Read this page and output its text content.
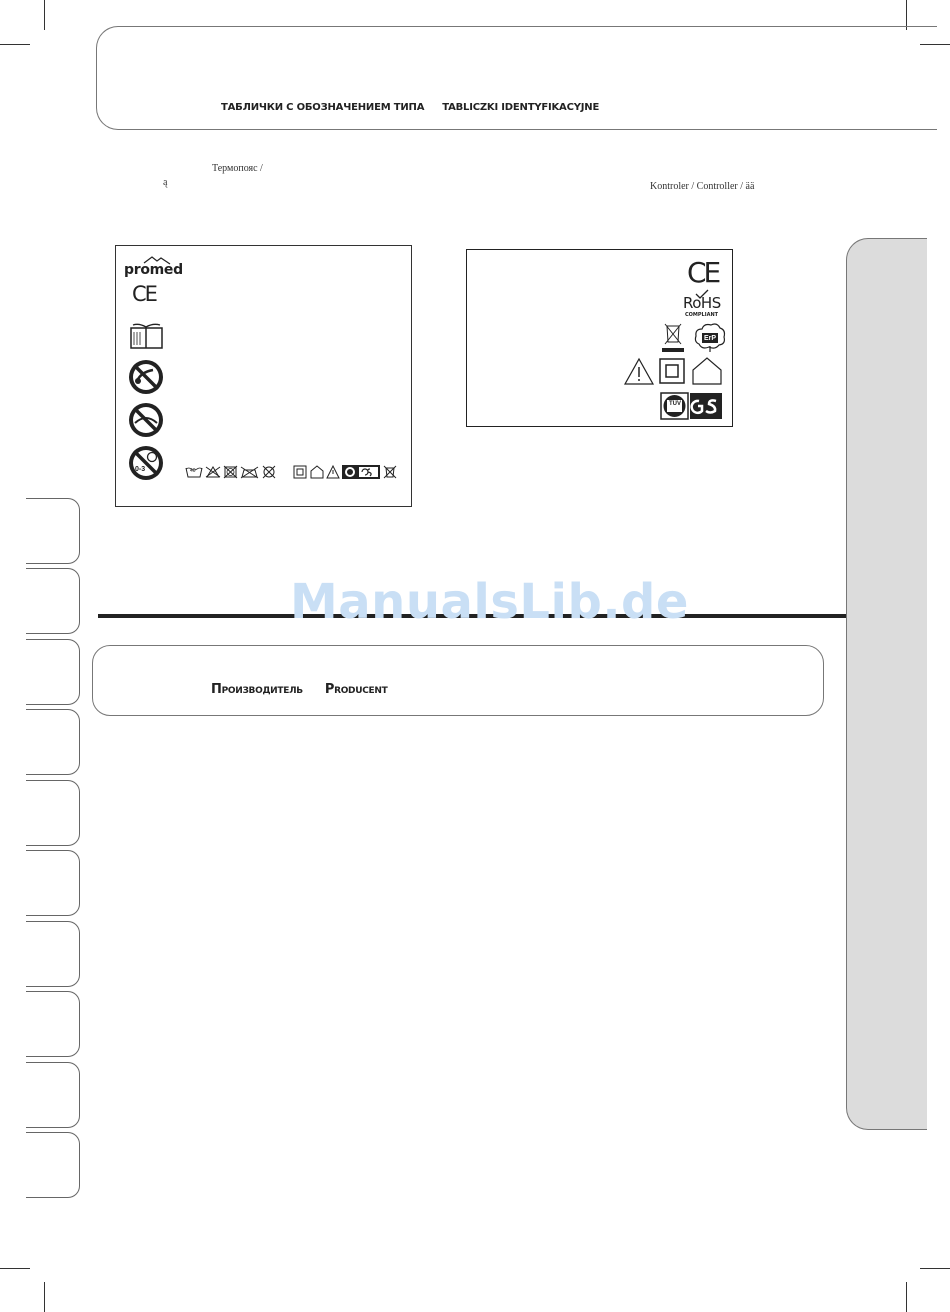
ТАБЛИЧКИ С ОБОЗНАЧЕНИЕМ ТИПА TABLICZKI IDENTYFIKACYJNE
Термопояс /
ą	Kontroler / Controller / ää
promed
CE
0-3	40
CE
RoHS
COMPLIANT
ErP
TÜV
ManualsLib.de
Производитель Producent
